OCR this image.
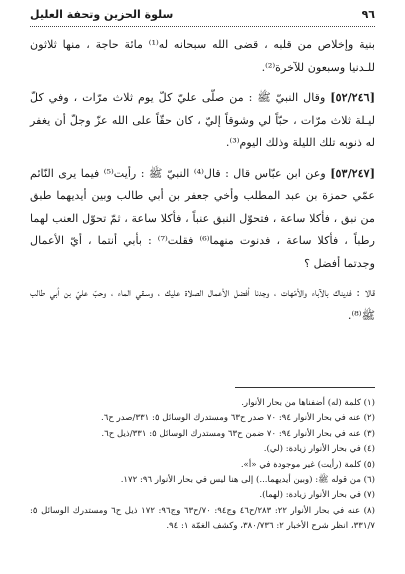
٩٦
سلوة الحزين وتحفة العليل

بنية وإخلاص من قلبه ، قضى الله سبحانه له⁽¹⁾ مائة حاجة ، منها ثلاثون للـدنيا وسبعون للآخرة⁽²⁾.

[٥٢/٢٤٦] وقال النبيّ ﷺ : من صلّى عليّ كلّ يوم ثلاث مرّات ، وفي كلّ ليـلة ثلاث مرّات ، حبّاً لي وشوقاً إليّ ، كان حقّاً على الله عزّ وجلّ أن يغفر له ذنوبه تلك الليلة وذلك اليوم⁽³⁾.

[٥٣/٢٤٧] وعن ابن عبّاس قال : قال⁽⁴⁾ النبيّ ﷺ : رأيت⁽⁵⁾ فيما يرى النّائم عمّي حمزة بن عبد المطلب وأخي جعفر بن أبي طالب وبين أيديهما طبق من نبق ، فأكلا ساعة ، فتحوّل النبق عنباً ، فأكلا ساعة ، ثمّ تحوّل العنب لهما رطباً ، فأكلا ساعة ، فدنوت منهما⁽⁶⁾ فقلت⁽⁷⁾ : بأبي أنتما ، أيّ الأعمال وجدتما أفضل ؟

قالا : فديناك بالآباء والأمّهات ، وجدنا أفضل الأعمال الصلاة عليك ، وسـقي الماء ، وحبّ عليّ بن أبي طالب ﷺ⁽⁸⁾.

(١) كلمة (له) أضفناها من بحار الأنوار.

(٢) عنه في بحار الأنوار ٩٤: ٧٠ صدر ح٦٣ ومستدرك الوسائل ٥: ٣٣١/صدر ح٦.

(٣) عنه في بحار الأنوار ٩٤: ٧٠ ضمن ح٦٣ ومستدرك الوسائل ٥: ٣٣١/ذيل ح٦.

(٤) في بحار الأنوار زيادة: (لي).

(٥) كلمة (رأيت) غير موجودة في «أ».

(٦) من قوله ﷺ: (وبين أيديهما...) إلى هنا ليس في بحار الأنوار ٩٦: ١٧٢.

(٧) في بحار الأنوار زيادة: (لهما).

(٨) عنه في بحار الأنوار ٢٢: ٢٨٣/ح٤٦ وج٩٤: ٧٠/ح٦٣ وج٩٦: ١٧٢ ذيل ح٦ ومستدرك الوسائل ٥: ٣٣١/٧، انظر شرح الأخبار ٢: ٣٨٠/٧٣٦، وكشف الغمّة ١: ٩٤.
